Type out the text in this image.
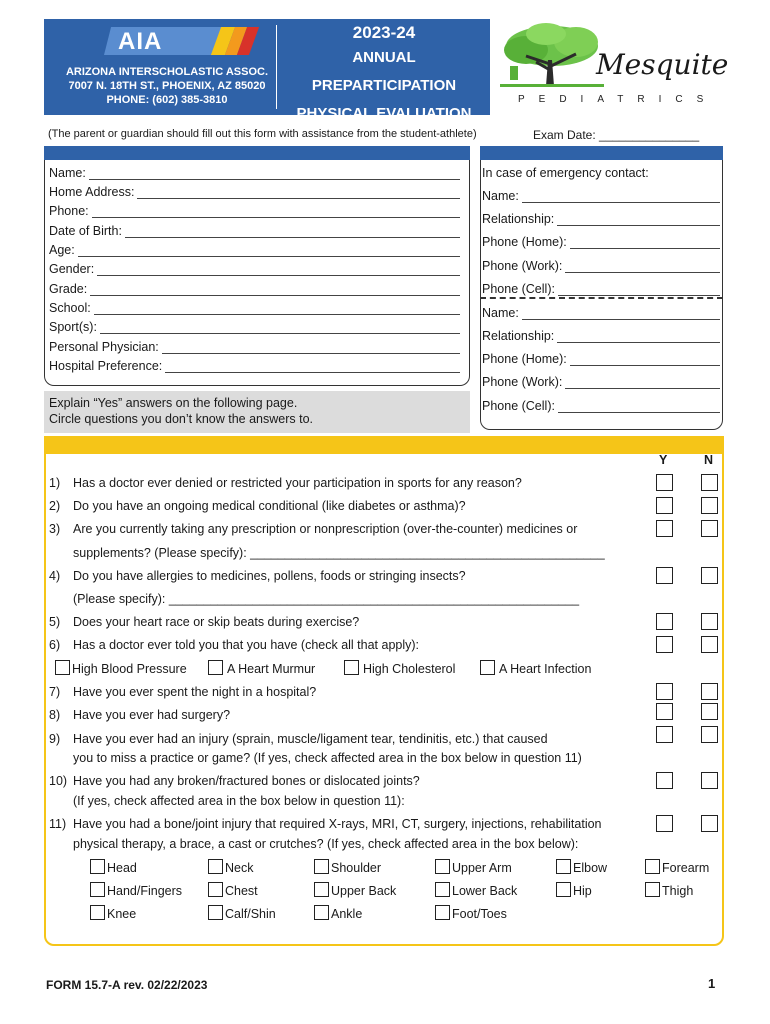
AIA
ARIZONA INTERSCHOLASTIC ASSOC.
7007 N. 18TH ST., PHOENIX, AZ 85020
PHONE: (602) 385-3810
2023-24
ANNUAL PREPARTICIPATION
PHYSICAL EVALUATION
Mesquite
PEDIATRICS
(The parent or guardian should fill out this form with assistance from the student-athlete)	Exam Date: _______________
Name:
Home Address:
Phone:
Date of Birth:
Age:
Gender:
Grade:
School:
Sport(s):
Personal Physician:
Hospital Preference:
Explain “Yes” answers on the following page.
Circle questions you don’t know the answers to.
In case of emergency contact:
Name:
Relationship:
Phone (Home):
Phone (Work):
Phone (Cell):
Name:
Relationship:
Phone (Home):
Phone (Work):
Phone (Cell):
Y	N
1) Has a doctor ever denied or restricted your participation in sports for any reason?
2) Do you have an ongoing medical conditional (like diabetes or asthma)?
3) Are you currently taking any prescription or nonprescription (over-the-counter) medicines or
supplements? (Please specify): ___________________________________________________
4) Do you have allergies to medicines, pollens, foods or stringing insects?
(Please specify): ___________________________________________________________
5) Does your heart race or skip beats during exercise?
6) Has a doctor ever told you that you have (check all that apply):
High Blood Pressure	A Heart Murmur	High Cholesterol	A Heart Infection
7) Have you ever spent the night in a hospital?
8) Have you ever had surgery?
9) Have you ever had an injury (sprain, muscle/ligament tear, tendinitis, etc.) that caused
you to miss a practice or game? (If yes, check affected area in the box below in question 11)
10) Have you had any broken/fractured bones or dislocated joints?
(If yes, check affected area in the box below in question 11):
11) Have you had a bone/joint injury that required X-rays, MRI, CT, surgery, injections, rehabilitation
physical therapy, a brace, a cast or crutches? (If yes, check affected area in the box below):
Head	Neck	Shoulder	Upper Arm	Elbow	Forearm
Hand/Fingers	Chest	Upper Back	Lower Back	Hip	Thigh
Knee	Calf/Shin	Ankle	Foot/Toes
FORM 15.7-A rev. 02/22/2023	1
